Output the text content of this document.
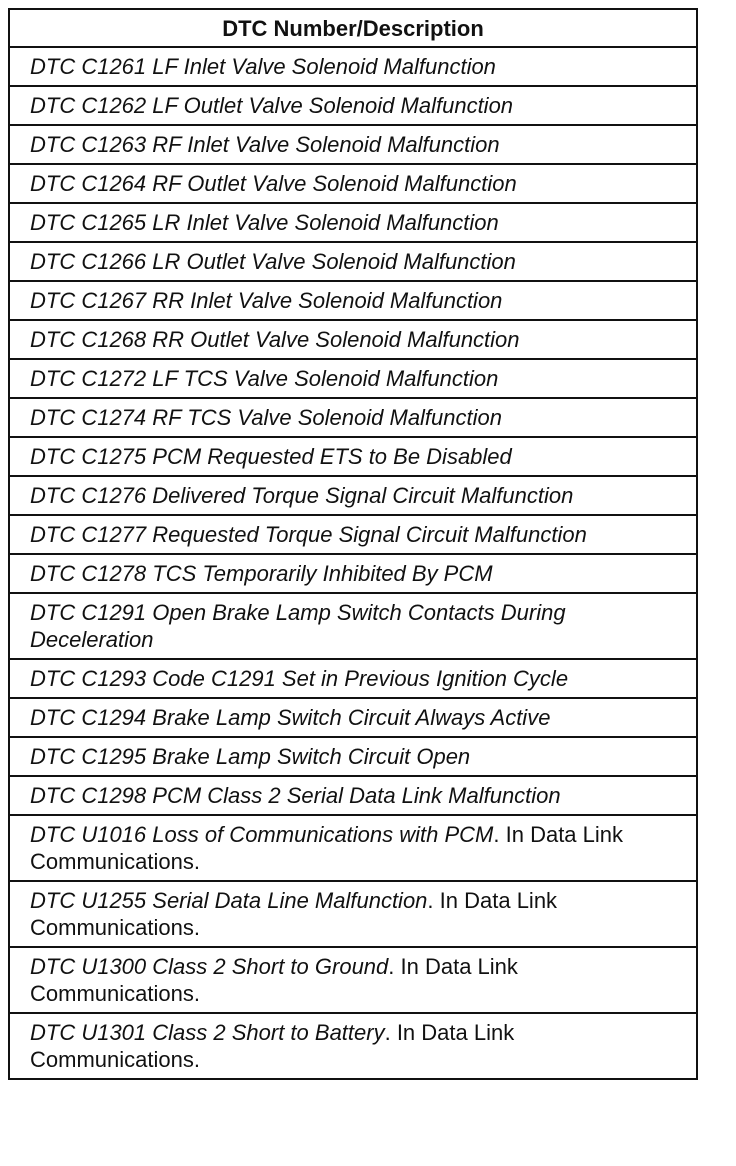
DTC Number/Description
DTC C1261 LF Inlet Valve Solenoid Malfunction
DTC C1262 LF Outlet Valve Solenoid Malfunction
DTC C1263 RF Inlet Valve Solenoid Malfunction
DTC C1264 RF Outlet Valve Solenoid Malfunction
DTC C1265 LR Inlet Valve Solenoid Malfunction
DTC C1266 LR Outlet Valve Solenoid Malfunction
DTC C1267 RR Inlet Valve Solenoid Malfunction
DTC C1268 RR Outlet Valve Solenoid Malfunction
DTC C1272 LF TCS Valve Solenoid Malfunction
DTC C1274 RF TCS Valve Solenoid Malfunction
DTC C1275 PCM Requested ETS to Be Disabled
DTC C1276 Delivered Torque Signal Circuit Malfunction
DTC C1277 Requested Torque Signal Circuit Malfunction
DTC C1278 TCS Temporarily Inhibited By PCM
DTC C1291 Open Brake Lamp Switch Contacts During Deceleration
DTC C1293 Code C1291 Set in Previous Ignition Cycle
DTC C1294 Brake Lamp Switch Circuit Always Active
DTC C1295 Brake Lamp Switch Circuit Open
DTC C1298 PCM Class 2 Serial Data Link Malfunction
DTC U1016 Loss of Communications with PCM. In Data Link Communications.
DTC U1255 Serial Data Line Malfunction. In Data Link Communications.
DTC U1300 Class 2 Short to Ground. In Data Link Communications.
DTC U1301 Class 2 Short to Battery. In Data Link Communications.
